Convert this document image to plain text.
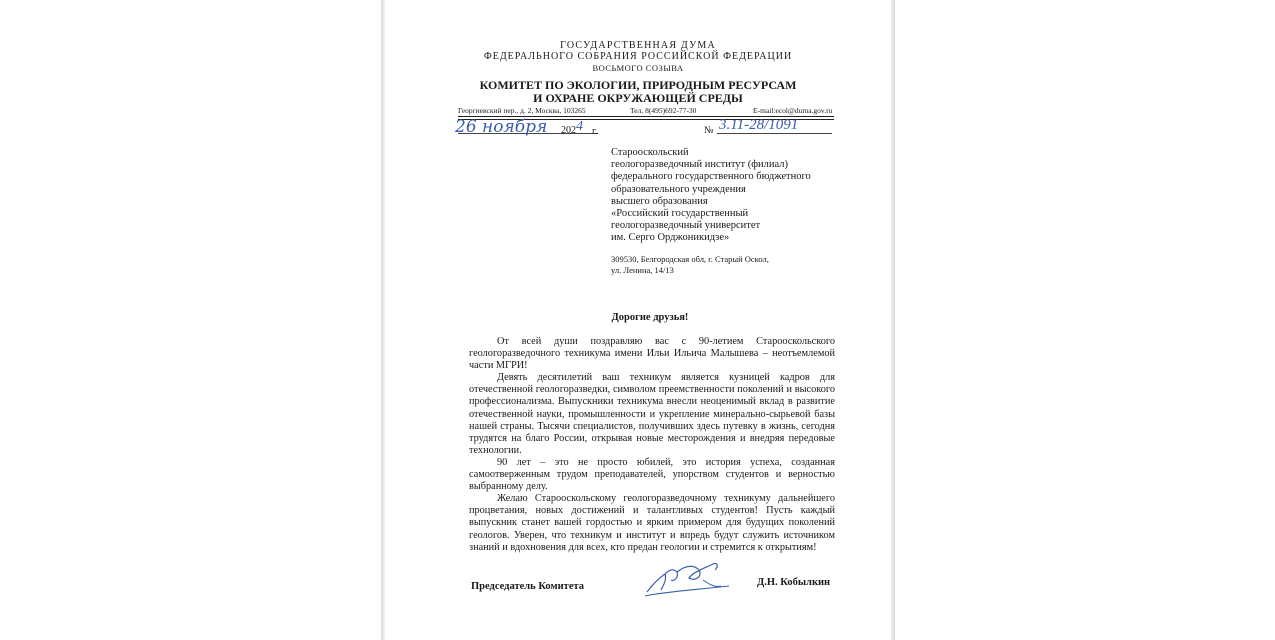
ГОСУДАРСТВЕННАЯ ДУМА
ФЕДЕРАЛЬНОГО СОБРАНИЯ РОССИЙСКОЙ ФЕДЕРАЦИИ
ВОСЬМОГО СОЗЫВА
КОМИТЕТ ПО ЭКОЛОГИИ, ПРИРОДНЫМ РЕСУРСАМ
И ОХРАНЕ ОКРУЖАЮЩЕЙ СРЕДЫ
Георгиевский пер., д. 2, Москва, 103265	Тел. 8(495)692-77-30	E-mail:ecol@duma.gov.ru
26 ноября 202 4 г.	№ 3.11-28/1091
Старооскольский
геологоразведочный институт (филиал)
федерального государственного бюджетного
образовательного учреждения
высшего образования
«Российский государственный
геологоразведочный университет
им. Серго Орджоникидзе»
309530, Белгородская обл, г. Старый Оскол,
ул. Ленина, 14/13
Дорогие друзья!

От всей души поздравляю вас с 90-летием Старооскольского геологоразведочного техникума имени Ильи Ильича Малышева – неотъемлемой части МГРИ!

Девять десятилетий ваш техникум является кузницей кадров для отечественной геологоразведки, символом преемственности поколений и высокого профессионализма. Выпускники техникума внесли неоценимый вклад в развитие отечественной науки, промышленности и укрепление минерально-сырьевой базы нашей страны. Тысячи специалистов, получивших здесь путевку в жизнь, сегодня трудятся на благо России, открывая новые месторождения и внедряя передовые технологии.

90 лет – это не просто юбилей, это история успеха, созданная самоотверженным трудом преподавателей, упорством студентов и верностью выбранному делу.

Желаю Старооскольскому геологоразведочному техникуму дальнейшего процветания, новых достижений и талантливых студентов! Пусть каждый выпускник станет вашей гордостью и ярким примером для будущих поколений геологов. Уверен, что техникум и институт и впредь будут служить источником знаний и вдохновения для всех, кто предан геологии и стремится к открытиям!

Председатель Комитета	Д.Н. Кобылкин
